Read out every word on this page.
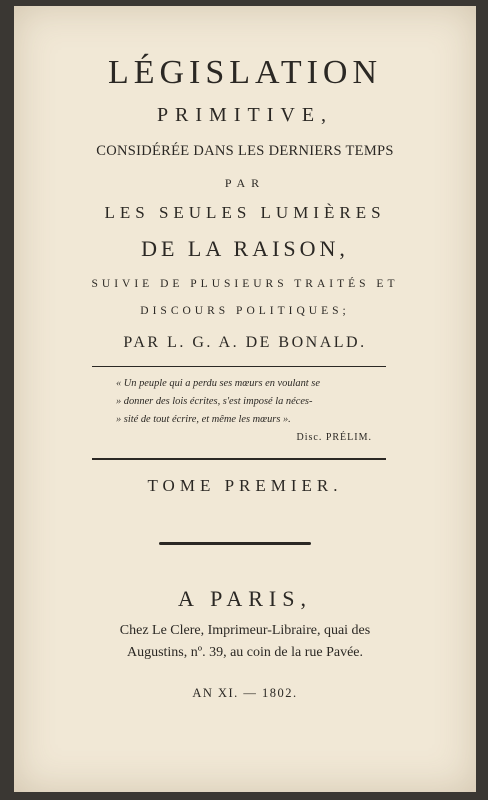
LÉGISLATION
PRIMITIVE,
CONSIDÉRÉE DANS LES DERNIERS TEMPS
PAR
LES SEULES LUMIÈRES
DE LA RAISON,
SUIVIE DE PLUSIEURS TRAITÉS ET
DISCOURS POLITIQUES;
PAR L. G. A. DE BONALD.
« Un peuple qui a perdu ses mœurs en voulant se
» donner des lois écrites, s'est imposé la néces-
» sité de tout écrire, et même les mœurs ».
Disc. PRÉLIM.
TOME PREMIER.
A PARIS,
Chez Le Clere, Imprimeur-Libraire, quai des
Augustins, nº. 39, au coin de la rue Pavée.
AN XI. — 1802.
